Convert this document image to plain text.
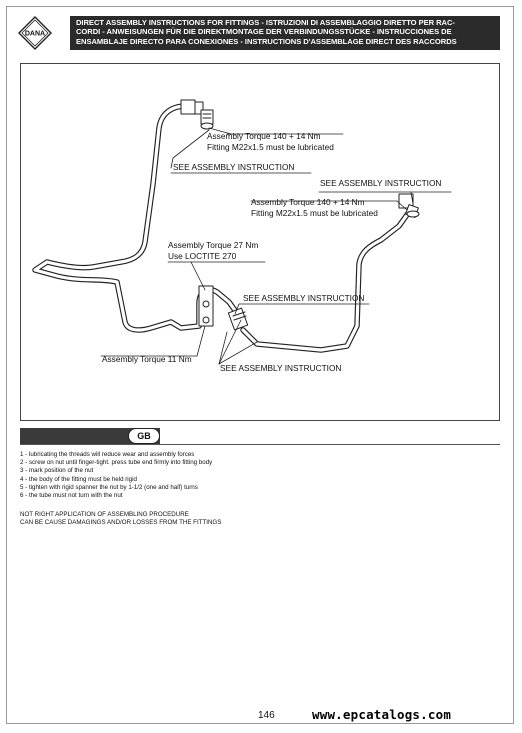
DANA
DIRECT ASSEMBLY INSTRUCTIONS FOR FITTINGS - ISTRUZIONI DI ASSEMBLAGGIO DIRETTO PER RAC-
CORDI - ANWEISUNGEN FÜR DIE DIREKTMONTAGE DER VERBINDUNGSSTÜCKE - INSTRUCCIONES DE
ENSAMBLAJE DIRECTO PARA CONEXIONES - INSTRUCTIONS D'ASSEMBLAGE DIRECT DES RACCORDS
Assembly Torque 140 + 14 Nm
Fitting M22x1.5 must be lubricated
SEE ASSEMBLY INSTRUCTION
SEE ASSEMBLY INSTRUCTION
Assembly Torque 140 + 14 Nm
Fitting M22x1.5 must be lubricated
Assembly Torque 27 Nm
Use LOCTITE 270
SEE ASSEMBLY INSTRUCTION
Assembly Torque 11 Nm
SEE ASSEMBLY INSTRUCTION
GB
1 - lubricating the threads will reduce wear and assembly forces
2 - screw on nut until finger-tight. press tube end firmly into fitting body
3 - mark position of the nut
4 - the body of the fitting must be held rigid
5 - tighten with rigid spanner the nut by 1-1/2 (one and half) turns
6 - the tube must not turn with the nut
NOT RIGHT APPLICATION OF ASSEMBLING PROCEDURE
CAN BE CAUSE DAMAGINGS AND/OR LOSSES FROM THE FITTINGS
146	www.epcatalogs.com
